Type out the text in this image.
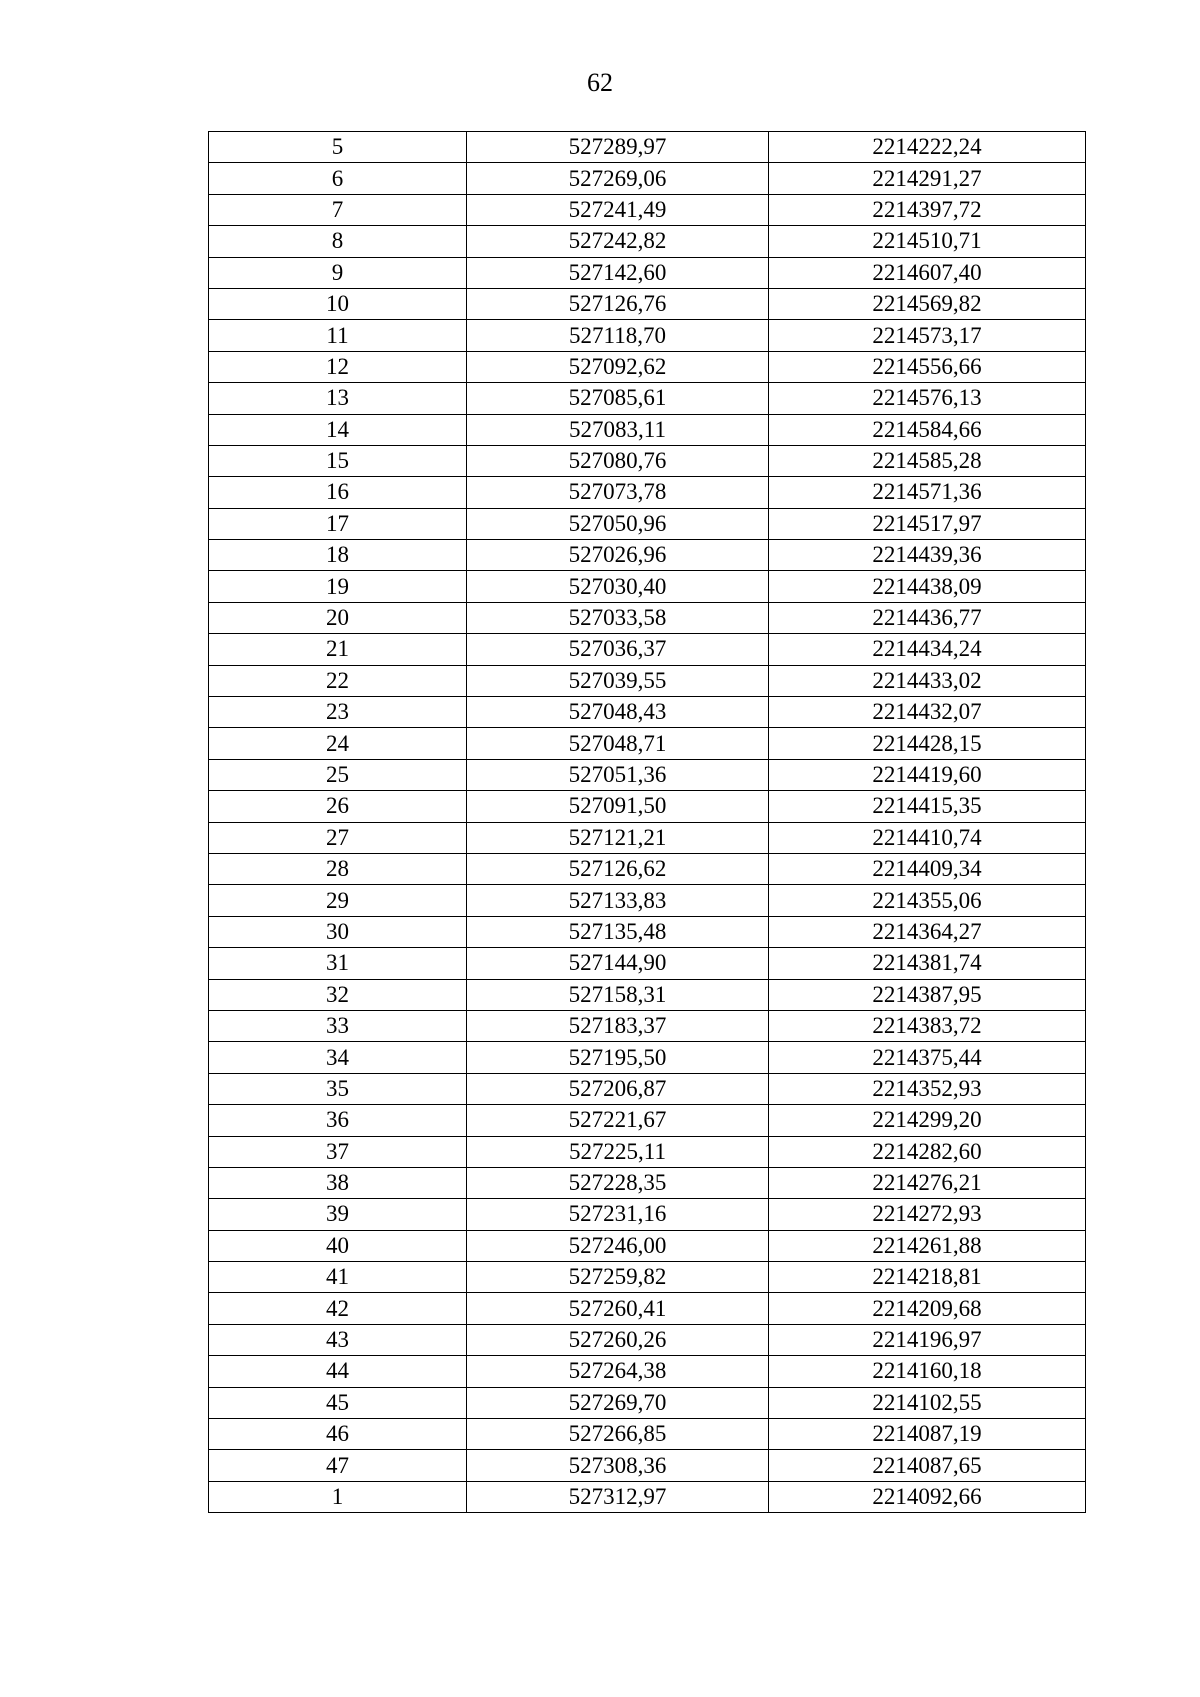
62
5	527289,97	2214222,24
6	527269,06	2214291,27
7	527241,49	2214397,72
8	527242,82	2214510,71
9	527142,60	2214607,40
10	527126,76	2214569,82
11	527118,70	2214573,17
12	527092,62	2214556,66
13	527085,61	2214576,13
14	527083,11	2214584,66
15	527080,76	2214585,28
16	527073,78	2214571,36
17	527050,96	2214517,97
18	527026,96	2214439,36
19	527030,40	2214438,09
20	527033,58	2214436,77
21	527036,37	2214434,24
22	527039,55	2214433,02
23	527048,43	2214432,07
24	527048,71	2214428,15
25	527051,36	2214419,60
26	527091,50	2214415,35
27	527121,21	2214410,74
28	527126,62	2214409,34
29	527133,83	2214355,06
30	527135,48	2214364,27
31	527144,90	2214381,74
32	527158,31	2214387,95
33	527183,37	2214383,72
34	527195,50	2214375,44
35	527206,87	2214352,93
36	527221,67	2214299,20
37	527225,11	2214282,60
38	527228,35	2214276,21
39	527231,16	2214272,93
40	527246,00	2214261,88
41	527259,82	2214218,81
42	527260,41	2214209,68
43	527260,26	2214196,97
44	527264,38	2214160,18
45	527269,70	2214102,55
46	527266,85	2214087,19
47	527308,36	2214087,65
1	527312,97	2214092,66
